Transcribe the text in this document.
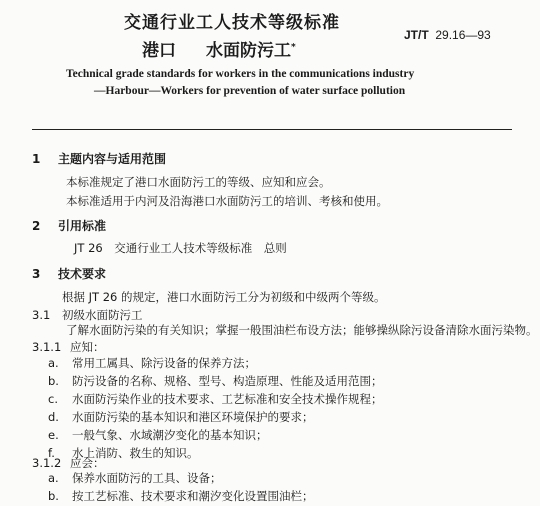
交通行业工人技术等级标准
港口 水面防污工*
JT/T 29.16—93
Technical grade standards for workers in the communications industry
—Harbour—Workers for prevention of water surface pollution
1 主题内容与适用范围
本标准规定了港口水面防污工的等级、应知和应会。
本标准适用于内河及沿海港口水面防污工的培训、考核和使用。
2 引用标准
JT 26　交通行业工人技术等级标准　总则
3 技术要求
根据 JT 26 的规定，港口水面防污工分为初级和中级两个等级。
3.1 初级水面防污工
了解水面防污染的有关知识；掌握一般围油栏布设方法；能够操纵除污设备清除水面污染物。
3.1.1 应知：
a. 常用工属具、除污设备的保养方法；
b. 防污设备的名称、规格、型号、构造原理、性能及适用范围；
c. 水面防污染作业的技术要求、工艺标准和安全技术操作规程；
d. 水面防污染的基本知识和港区环境保护的要求；
e. 一般气象、水域潮汐变化的基本知识；
f. 水上消防、救生的知识。
3.1.2 应会：
a. 保养水面防污的工具、设备；
b. 按工艺标准、技术要求和潮汐变化设置围油栏；
